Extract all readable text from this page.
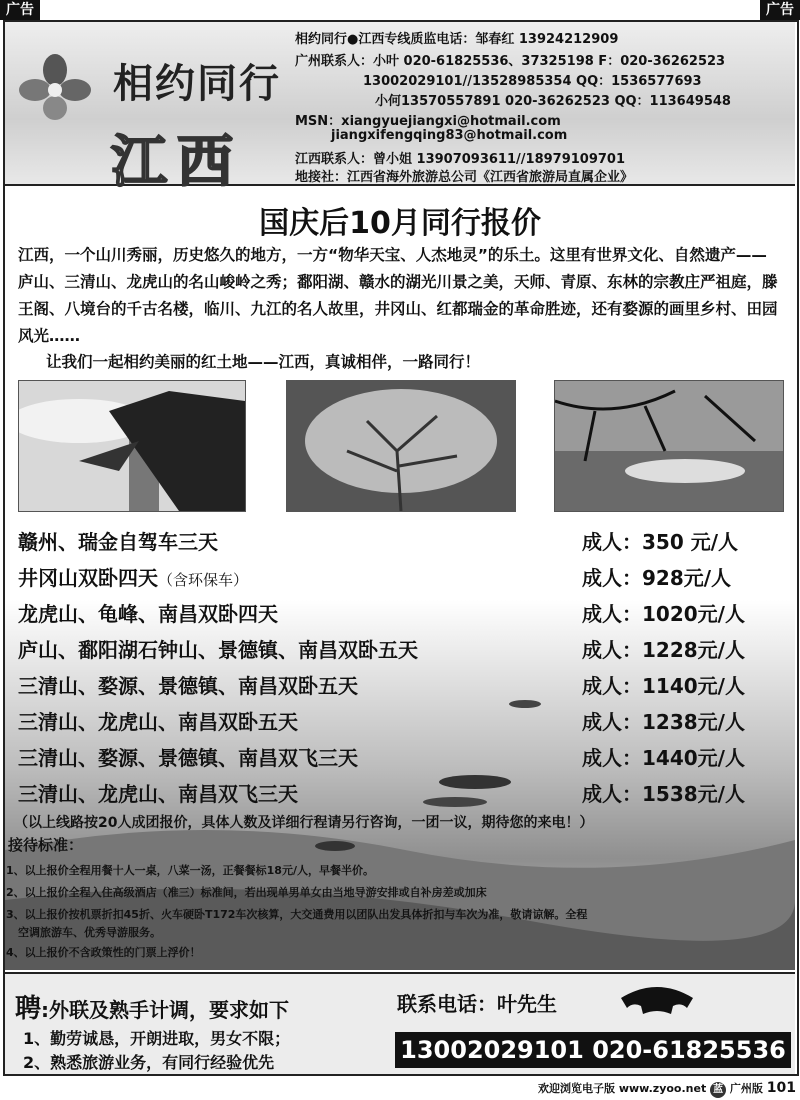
广告	广告
相约同行
江西
相约同行●江西专线质监电话：邹春红 13924212909
广州联系人：小叶 020-61825536、37325198 F：020-36262523
13002029101//13528985354 QQ：1536577693
小何13570557891 020-36262523 QQ：113649548
MSN：xiangyuejiangxi@hotmail.com
jiangxifengqing83@hotmail.com
江西联系人：曾小姐 13907093611//18979109701
地接社：江西省海外旅游总公司《江西省旅游局直属企业》
国庆后10月同行报价
江西，一个山川秀丽，历史悠久的地方，一方“物华天宝、人杰地灵”的乐土。这里有世界文化、自然遗产——庐山、三清山、龙虎山的名山峻岭之秀；鄱阳湖、赣水的湖光川景之美，天师、青原、东林的宗教庄严祖庭，滕王阁、八境台的千古名楼，临川、九江的名人故里，井冈山、红都瑞金的革命胜迹，还有婺源的画里乡村、田园风光……
让我们一起相约美丽的红土地——江西，真诚相伴，一路同行！
赣州、瑞金自驾车三天	成人：350 元/人
井冈山双卧四天（含环保车）	成人：928元/人
龙虎山、龟峰、南昌双卧四天	成人：1020元/人
庐山、鄱阳湖石钟山、景德镇、南昌双卧五天	成人：1228元/人
三清山、婺源、景德镇、南昌双卧五天	成人：1140元/人
三清山、龙虎山、南昌双卧五天	成人：1238元/人
三清山、婺源、景德镇、南昌双飞三天	成人：1440元/人
三清山、龙虎山、南昌双飞三天	成人：1538元/人
（以上线路按20人成团报价，具体人数及详细行程请另行咨询，一团一议，期待您的来电！）
接待标准：
1、以上报价全程用餐十人一桌，八菜一汤，正餐餐标18元/人，早餐半价。
2、以上报价全程入住高级酒店（准三）标准间，若出现单男单女由当地导游安排或自补房差或加床
3、以上报价按机票折扣45折、火车硬卧T172车次核算，大交通费用以团队出发具体折扣与车次为准，敬请谅解。全程
空调旅游车、优秀导游服务。
4、以上报价不含政策性的门票上浮价！
聘:外联及熟手计调，要求如下	联系电话：叶先生
1、勤劳诚恳，开朗进取，男女不限；
2、熟悉旅游业务，有同行经验优先	13002029101 020-61825536
欢迎浏览电子版 www.zyoo.net 蓝 广州版 101
